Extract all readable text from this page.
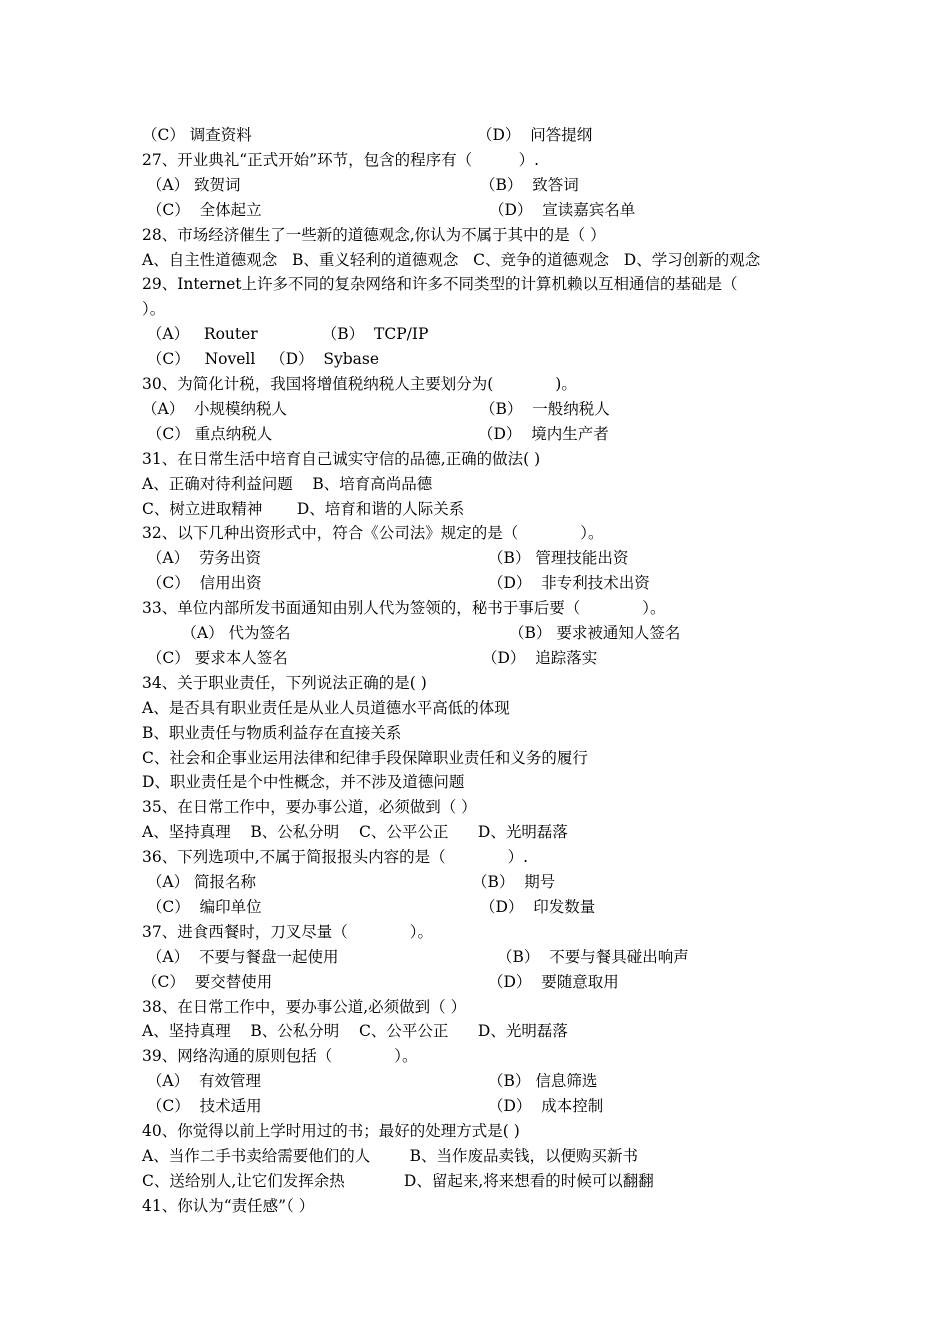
（C） 调查资料	（D）  问答提纲
27、开业典礼“正式开始”环节，包含的程序有（　　　）.
（A） 致贺词	（B）  致答词
（C）  全体起立	（D）  宣读嘉宾名单
28、市场经济催生了一些新的道德观念,你认为不属于其中的是（ ）
A、自主性道德观念   B、重义轻利的道德观念   C、竞争的道德观念   D、学习创新的观念
29、Internet上许多不同的复杂网络和许多不同类型的计算机赖以互相通信的基础是（
）。
（A）   Router             （B）  TCP/IP
（C）   Novell   （D）  Sybase
30、为简化计税，我国将增值税纳税人主要划分为(　　　　)。
（A）  小规模纳税人	（B）  一般纳税人
（C） 重点纳税人	（D）  境内生产者
31、在日常生活中培育自己诚实守信的品德,正确的做法( )
A、正确对待利益问题    B、培育高尚品德
C、树立进取精神       D、培育和谐的人际关系
32、以下几种出资形式中，符合《公司法》规定的是（　　　　）。
（A）  劳务出资	（B） 管理技能出资
（C）  信用出资	（D）  非专利技术出资
33、单位内部所发书面通知由别人代为签领的，秘书于事后要（　　　　）。
（A） 代为签名	（B） 要求被通知人签名
（C） 要求本人签名	（D）  追踪落实
34、关于职业责任，下列说法正确的是( )
A、是否具有职业责任是从业人员道德水平高低的体现
B、职业责任与物质利益存在直接关系
C、社会和企事业运用法律和纪律手段保障职业责任和义务的履行
D、职业责任是个中性概念，并不涉及道德问题
35、在日常工作中，要办事公道，必须做到（ ）
A、坚持真理    B、公私分明    C、公平公正      D、光明磊落
36、下列选项中,不属于简报报头内容的是（　　　　）.
（A） 简报名称	（B）  期号
（C）  编印单位	（D）  印发数量
37、进食西餐时，刀叉尽量（　　　　）。
（A）  不要与餐盘一起使用	（B）  不要与餐具碰出响声
（C）  要交替使用	（D）  要随意取用
38、在日常工作中，要办事公道,必须做到（ ）
A、坚持真理    B、公私分明    C、公平公正      D、光明磊落
39、网络沟通的原则包括（　　　　）。
（A）  有效管理	（B） 信息筛选
（C）  技术适用	（D）  成本控制
40、你觉得以前上学时用过的书；最好的处理方式是( )
A、当作二手书卖给需要他们的人        B、当作废品卖钱，以便购买新书
C、送给别人,让它们发挥余热            D、留起来,将来想看的时候可以翻翻
41、你认为“责任感”（ ）
